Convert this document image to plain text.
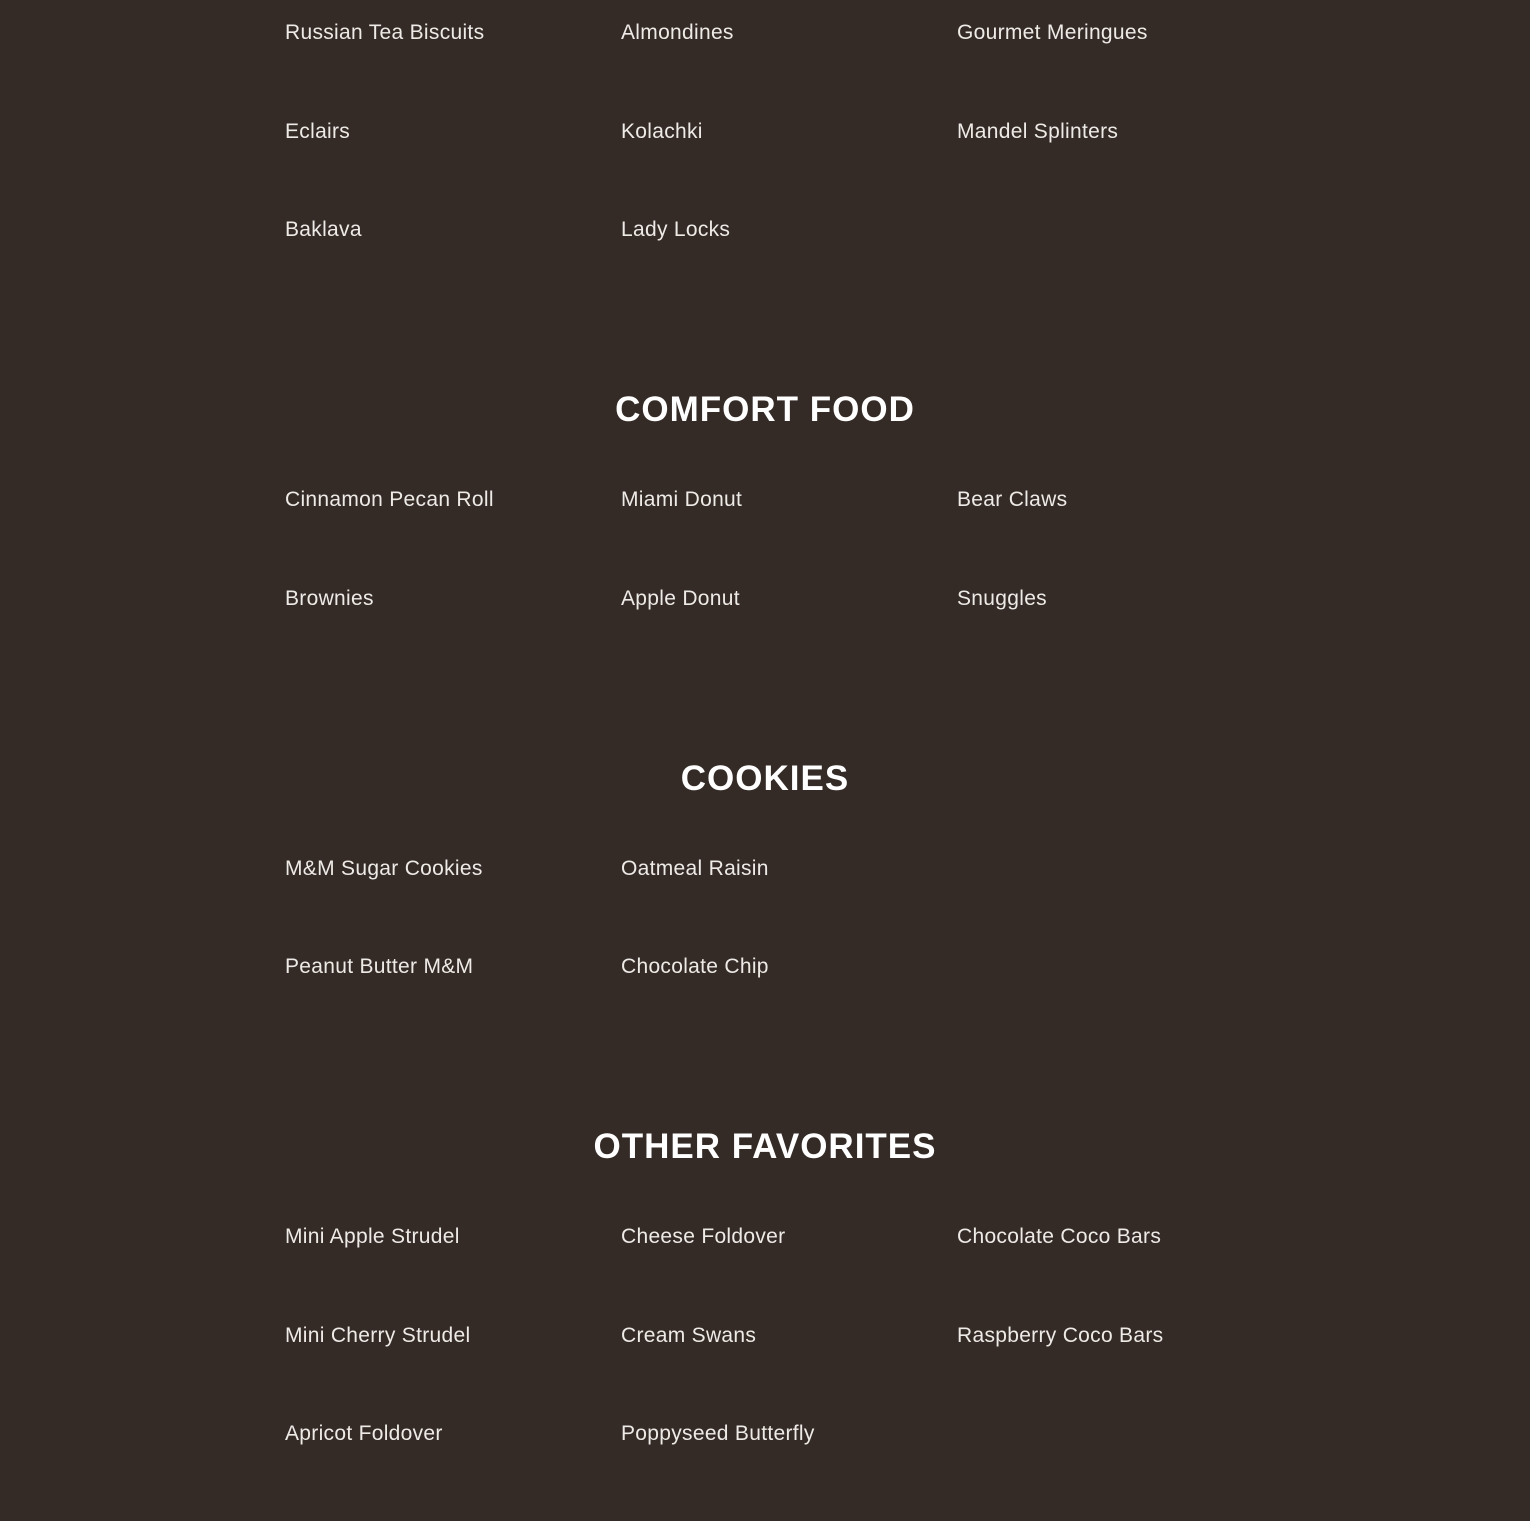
Russian Tea Biscuits	Almondines	Gourmet Meringues
Eclairs	Kolachki	Mandel Splinters
Baklava	Lady Locks
COMFORT FOOD
Cinnamon Pecan Roll	Miami Donut	Bear Claws
Brownies	Apple Donut	Snuggles
COOKIES
M&M Sugar Cookies	Oatmeal Raisin
Peanut Butter M&M	Chocolate Chip
OTHER FAVORITES
Mini Apple Strudel	Cheese Foldover	Chocolate Coco Bars
Mini Cherry Strudel	Cream Swans	Raspberry Coco Bars
Apricot Foldover	Poppyseed Butterfly
